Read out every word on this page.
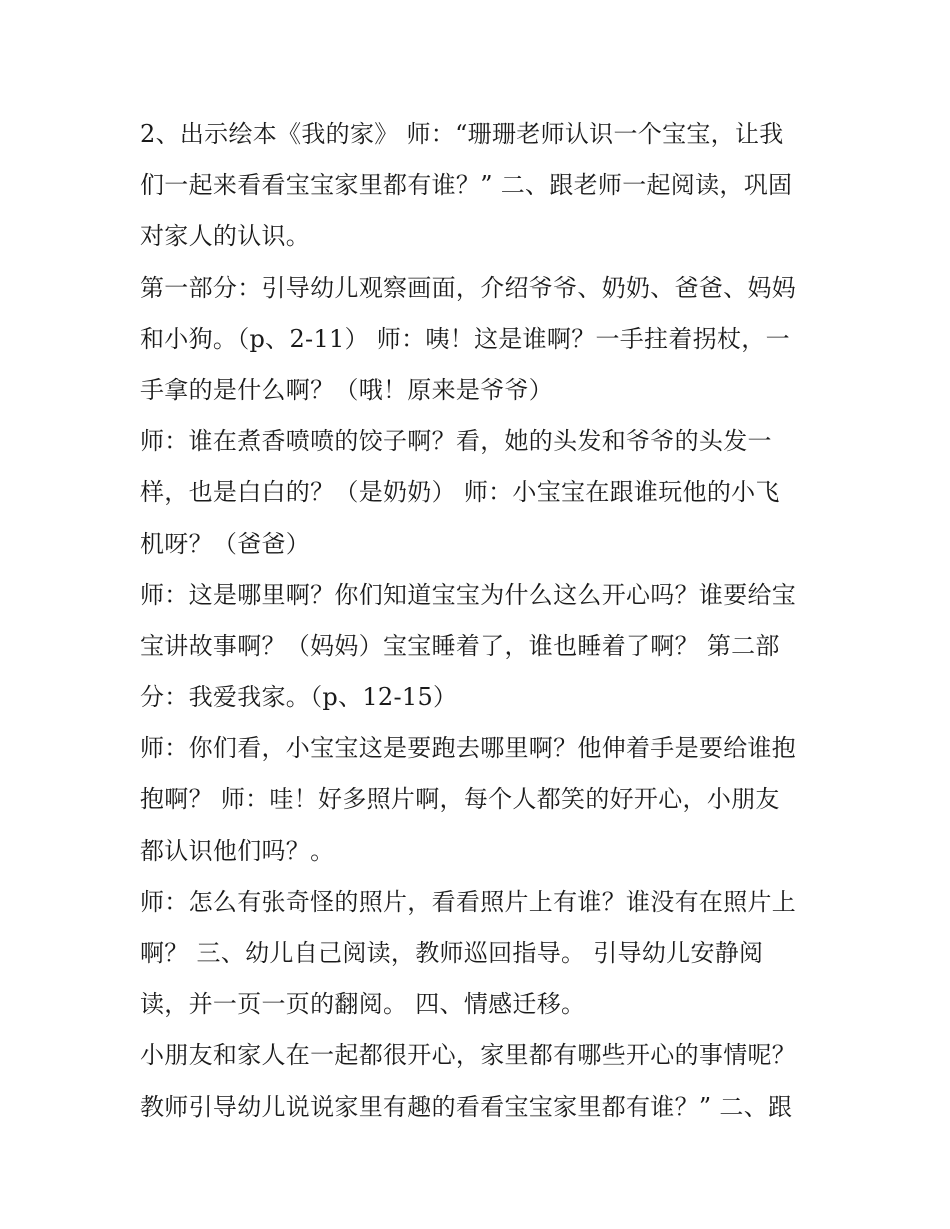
2、出示绘本《我的家》 师：“珊珊老师认识一个宝宝，让我
们一起来看看宝宝家里都有谁？” 二、跟老师一起阅读，巩固
对家人的认识。
第一部分：引导幼儿观察画面，介绍爷爷、奶奶、爸爸、妈妈
和小狗。（p、2-11） 师：咦！这是谁啊？一手拄着拐杖，一
手拿的是什么啊？（哦！原来是爷爷）
师：谁在煮香喷喷的饺子啊？看，她的头发和爷爷的头发一
样，也是白白的？（是奶奶） 师：小宝宝在跟谁玩他的小飞
机呀？（爸爸）
师：这是哪里啊？你们知道宝宝为什么这么开心吗？谁要给宝
宝讲故事啊？（妈妈）宝宝睡着了，谁也睡着了啊？ 第二部
分：我爱我家。（p、12-15）
师：你们看，小宝宝这是要跑去哪里啊？他伸着手是要给谁抱
抱啊？ 师：哇！好多照片啊，每个人都笑的好开心，小朋友
都认识他们吗？。
师：怎么有张奇怪的照片，看看照片上有谁？谁没有在照片上
啊？ 三、幼儿自己阅读，教师巡回指导。 引导幼儿安静阅
读，并一页一页的翻阅。 四、情感迁移。
小朋友和家人在一起都很开心，家里都有哪些开心的事情呢？
教师引导幼儿说说家里有趣的看看宝宝家里都有谁？” 二、跟
